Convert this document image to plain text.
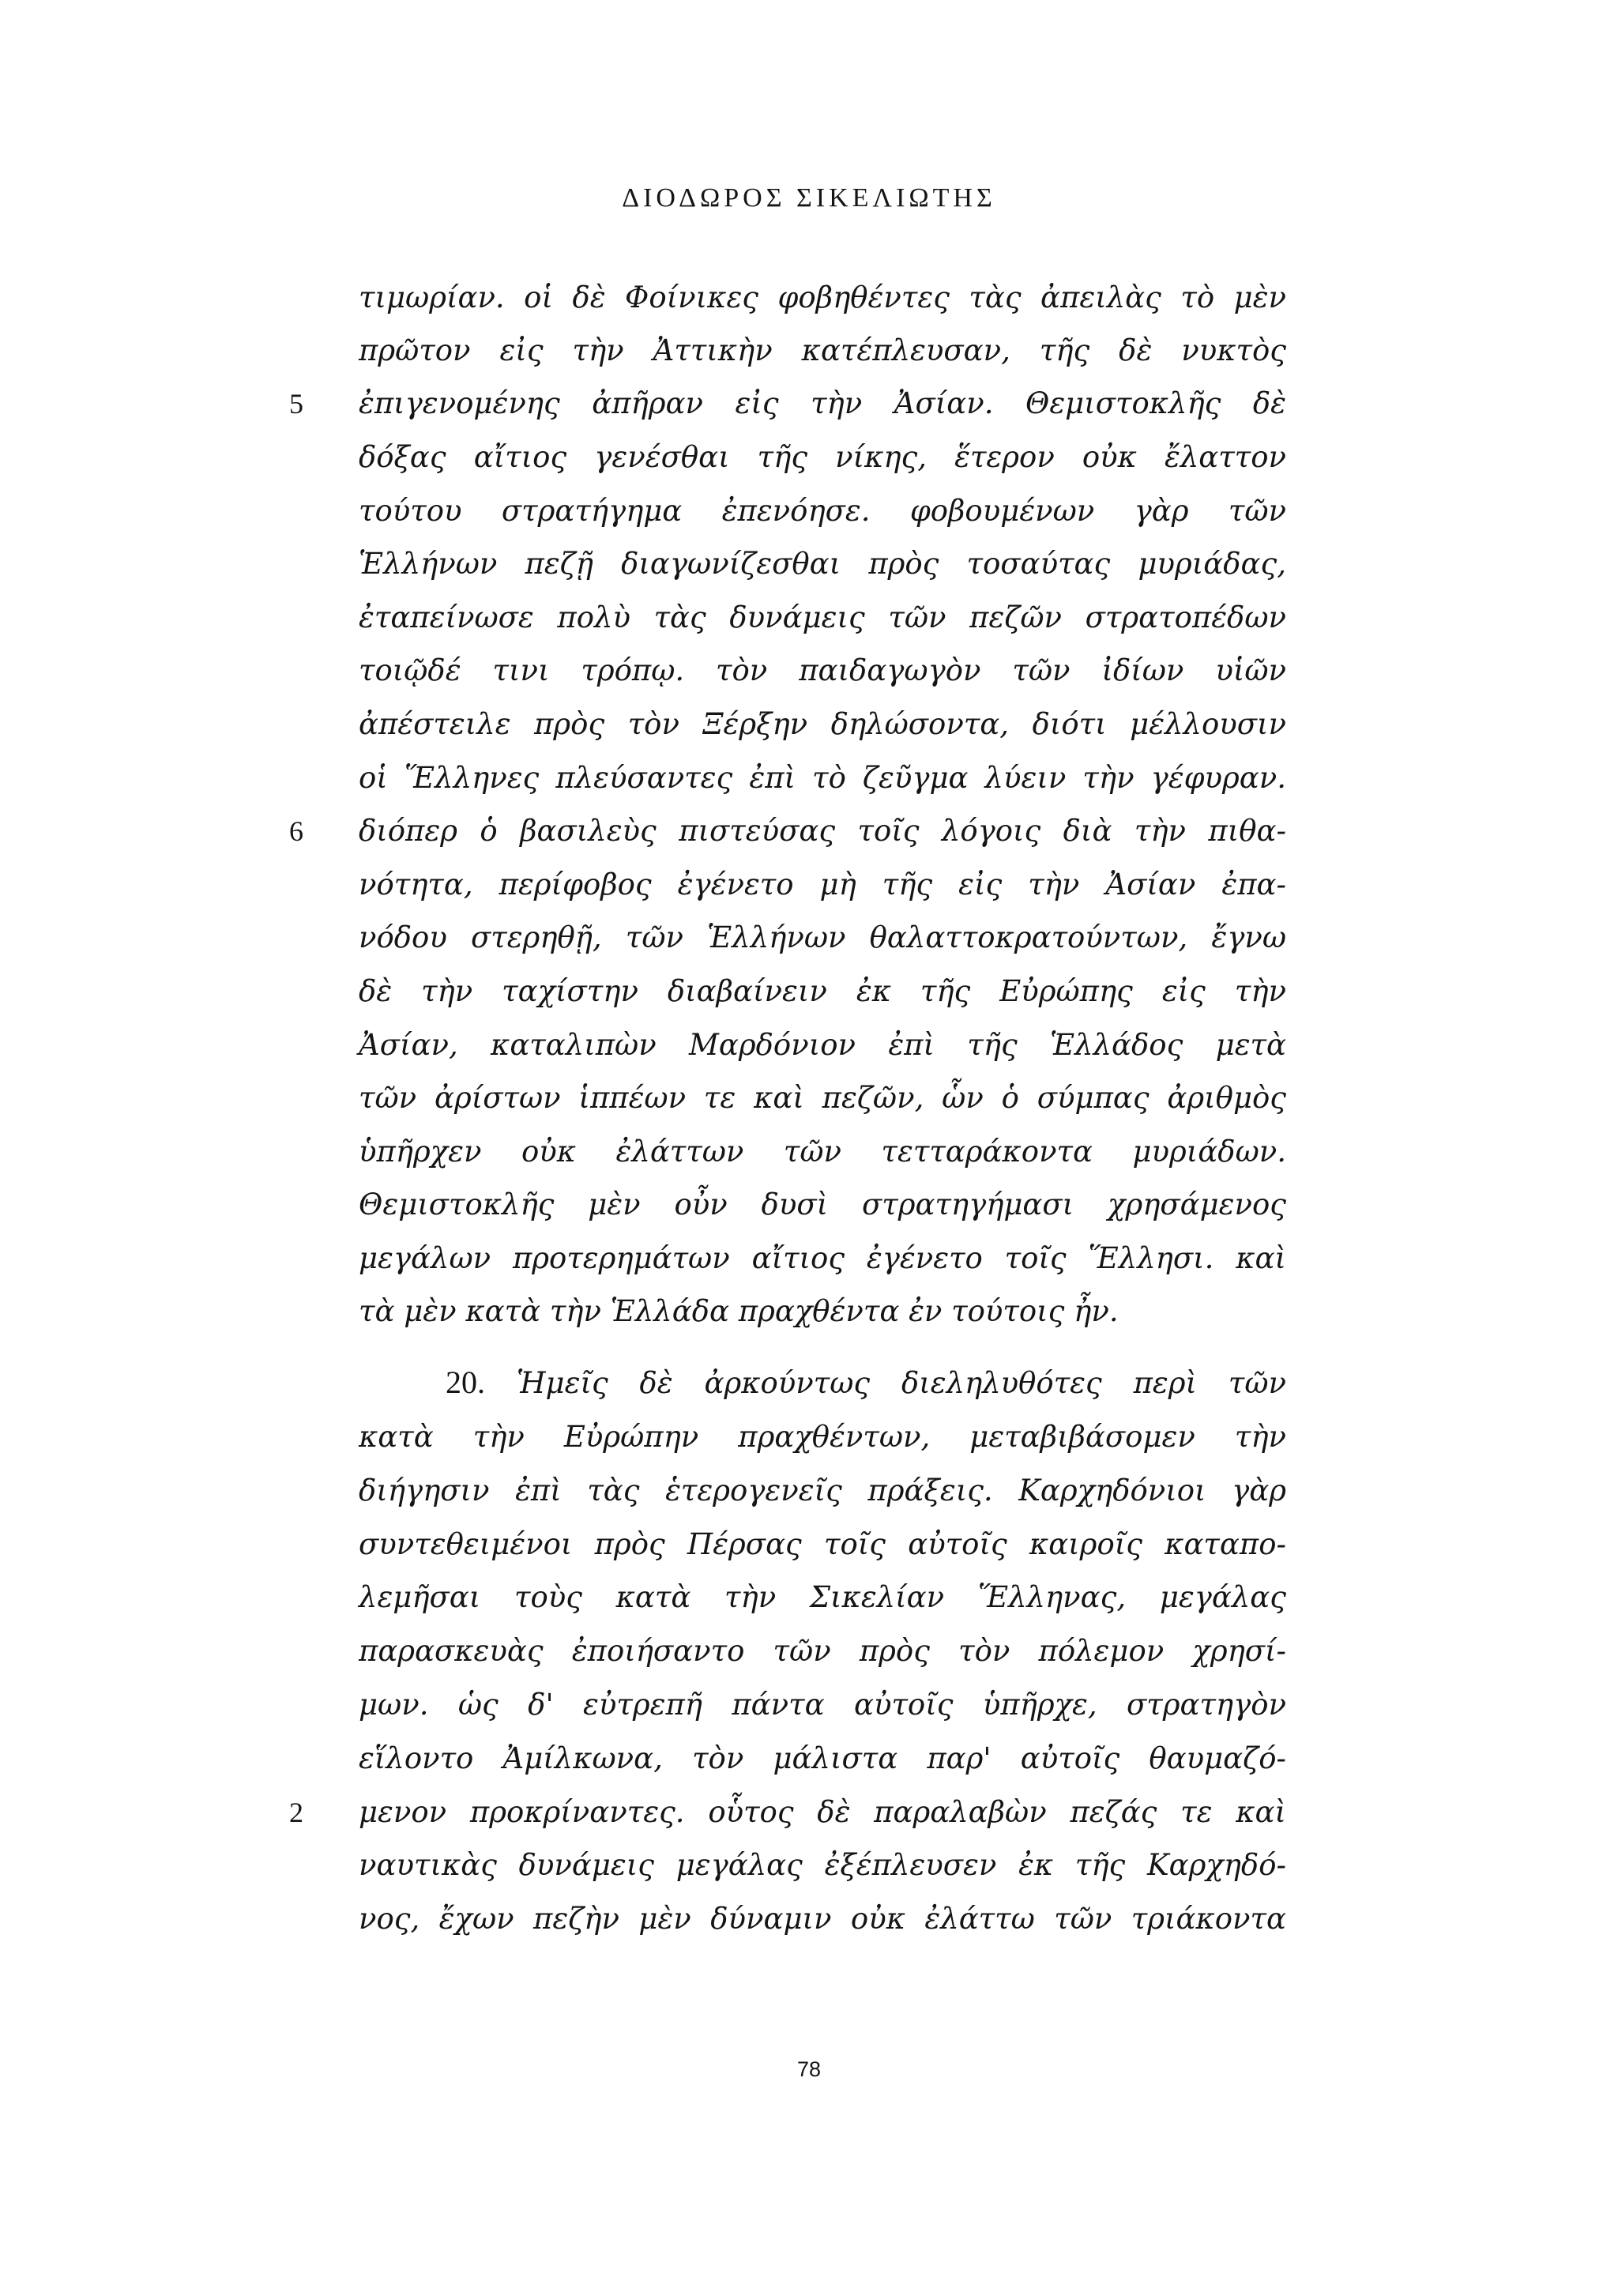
ΔΙΟΔΩΡΟΣ ΣΙΚΕΛΙΩΤΗΣ
5
6
2
τιμωρίαν. οἱ δὲ Φοίνικες φοβηθέντες τὰς ἀπειλὰς τὸ μὲν
πρῶτον εἰς τὴν Ἀττικὴν κατέπλευσαν, τῆς δὲ νυκτὸς
ἐπιγενομένης ἀπῆραν εἰς τὴν Ἀσίαν. Θεμιστοκλῆς δὲ
δόξας αἴτιος γενέσθαι τῆς νίκης, ἕτερον οὐκ ἔλαττον
τούτου στρατήγημα ἐπενόησε. φοβουμένων γὰρ τῶν
Ἑλλήνων πεζῇ διαγωνίζεσθαι πρὸς τοσαύτας μυριάδας,
ἐταπείνωσε πολὺ τὰς δυνάμεις τῶν πεζῶν στρατοπέδων
τοιῷδέ τινι τρόπῳ. τὸν παιδαγωγὸν τῶν ἰδίων υἱῶν
ἀπέστειλε πρὸς τὸν Ξέρξην δηλώσοντα, διότι μέλλουσιν
οἱ Ἕλληνες πλεύσαντες ἐπὶ τὸ ζεῦγμα λύειν τὴν γέφυραν.
διόπερ ὁ βασιλεὺς πιστεύσας τοῖς λόγοις διὰ τὴν πιθα-
νότητα, περίφοβος ἐγένετο μὴ τῆς εἰς τὴν Ἀσίαν ἐπα-
νόδου στερηθῇ, τῶν Ἑλλήνων θαλαττοκρατούντων, ἔγνω
δὲ τὴν ταχίστην διαβαίνειν ἐκ τῆς Εὐρώπης εἰς τὴν
Ἀσίαν, καταλιπὼν Μαρδόνιον ἐπὶ τῆς Ἑλλάδος μετὰ
τῶν ἀρίστων ἱππέων τε καὶ πεζῶν, ὧν ὁ σύμπας ἀριθμὸς
ὑπῆρχεν οὐκ ἐλάττων τῶν τετταράκοντα μυριάδων.
Θεμιστοκλῆς μὲν οὖν δυσὶ στρατηγήμασι χρησάμενος
μεγάλων προτερημάτων αἴτιος ἐγένετο τοῖς Ἕλλησι. καὶ
τὰ μὲν κατὰ τὴν Ἑλλάδα πραχθέντα ἐν τούτοις ἦν.
20. Ἡμεῖς δὲ ἀρκούντως διεληλυθότες περὶ τῶν
κατὰ τὴν Εὐρώπην πραχθέντων, μεταβιβάσομεν τὴν
διήγησιν ἐπὶ τὰς ἑτερογενεῖς πράξεις. Καρχηδόνιοι γὰρ
συντεθειμένοι πρὸς Πέρσας τοῖς αὐτοῖς καιροῖς καταπο-
λεμῆσαι τοὺς κατὰ τὴν Σικελίαν Ἕλληνας, μεγάλας
παρασκευὰς ἐποιήσαντο τῶν πρὸς τὸν πόλεμον χρησί-
μων. ὡς δ' εὐτρεπῆ πάντα αὐτοῖς ὑπῆρχε, στρατηγὸν
εἵλοντο Ἀμίλκωνα, τὸν μάλιστα παρ' αὐτοῖς θαυμαζό-
μενον προκρίναντες. οὗτος δὲ παραλαβὼν πεζάς τε καὶ
ναυτικὰς δυνάμεις μεγάλας ἐξέπλευσεν ἐκ τῆς Καρχηδό-
νος, ἔχων πεζὴν μὲν δύναμιν οὐκ ἐλάττω τῶν τριάκοντα
78
